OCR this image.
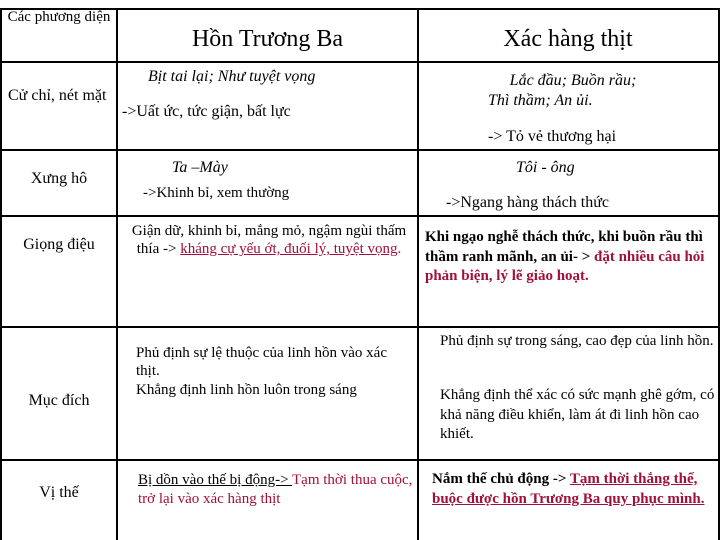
Các phương diện
Hồn Trương Ba	Xác hàng thịt
Cử chỉ, nét mặt
Bịt tai lại; Như tuyệt vọng
->Uất ức, tức giận, bất lực
Lắc đầu; Buồn rầu;
Thì thầm; An ủi.
-> Tỏ vẻ thương hại
Xưng hô
Ta –Mày
->Khinh bỉ, xem thường
Tôi - ông
->Ngang hàng thách thức
Giọng điệu
Giận dữ, khinh bỉ, mắng mỏ, ngậm ngùi thấm thía -> kháng cự yếu ớt, đuối lý, tuyệt vọng.
Khi ngạo nghễ thách thức, khi buồn rầu thì thầm ranh mãnh, an ủi- > đặt nhiều câu hỏi phản biện, lý lẽ giảo hoạt.
Mục đích
Phủ định sự lệ thuộc của linh hồn vào xác thịt.
Khẳng định linh hồn luôn trong sáng
Phủ định sự trong sáng, cao đẹp của linh hồn.
Khẳng định thể xác có sức mạnh ghê gớm, có khả năng điều khiển, làm át đi linh hồn cao khiết.
Vị thế
Bị dồn vào thế bị động-> Tạm thời thua cuộc, trở lại vào xác hàng thịt
Nắm thế chủ động -> Tạm thời thắng thế, buộc được hồn Trương Ba quy phục mình.
